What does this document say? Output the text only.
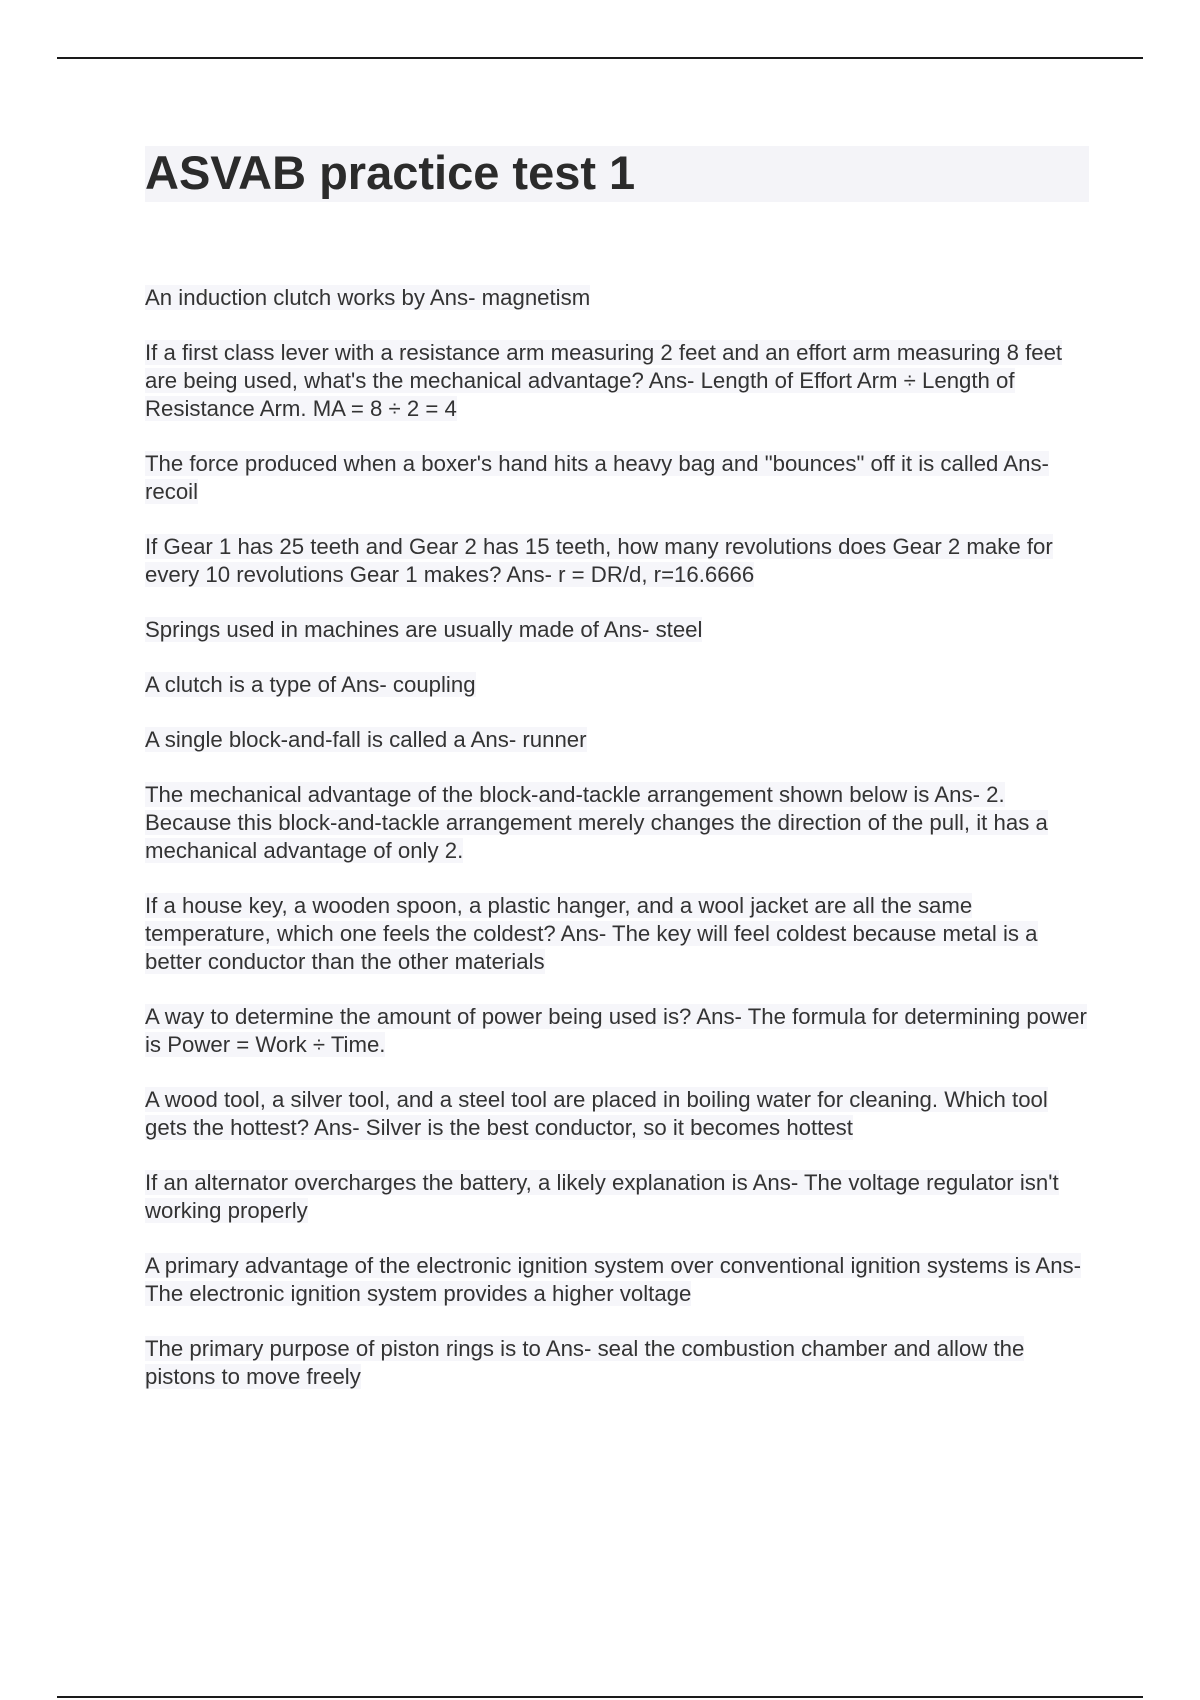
ASVAB practice test 1
An induction clutch works by Ans- magnetism
If a first class lever with a resistance arm measuring 2 feet and an effort arm measuring 8 feet are being used, what's the mechanical advantage? Ans- Length of Effort Arm ÷ Length of Resistance Arm. MA = 8 ÷ 2 = 4
The force produced when a boxer's hand hits a heavy bag and "bounces" off it is called Ans- recoil
If Gear 1 has 25 teeth and Gear 2 has 15 teeth, how many revolutions does Gear 2 make for every 10 revolutions Gear 1 makes? Ans- r = DR/d, r=16.6666
Springs used in machines are usually made of Ans- steel
A clutch is a type of Ans- coupling
A single block-and-fall is called a Ans- runner
The mechanical advantage of the block-and-tackle arrangement shown below is Ans- 2. Because this block-and-tackle arrangement merely changes the direction of the pull, it has a mechanical advantage of only 2.
If a house key, a wooden spoon, a plastic hanger, and a wool jacket are all the same temperature, which one feels the coldest? Ans- The key will feel coldest because metal is a better conductor than the other materials
A way to determine the amount of power being used is? Ans- The formula for determining power is Power = Work ÷ Time.
A wood tool, a silver tool, and a steel tool are placed in boiling water for cleaning. Which tool gets the hottest? Ans- Silver is the best conductor, so it becomes hottest
If an alternator overcharges the battery, a likely explanation is Ans- The voltage regulator isn't working properly
A primary advantage of the electronic ignition system over conventional ignition systems is Ans- The electronic ignition system provides a higher voltage
The primary purpose of piston rings is to Ans- seal the combustion chamber and allow the pistons to move freely
